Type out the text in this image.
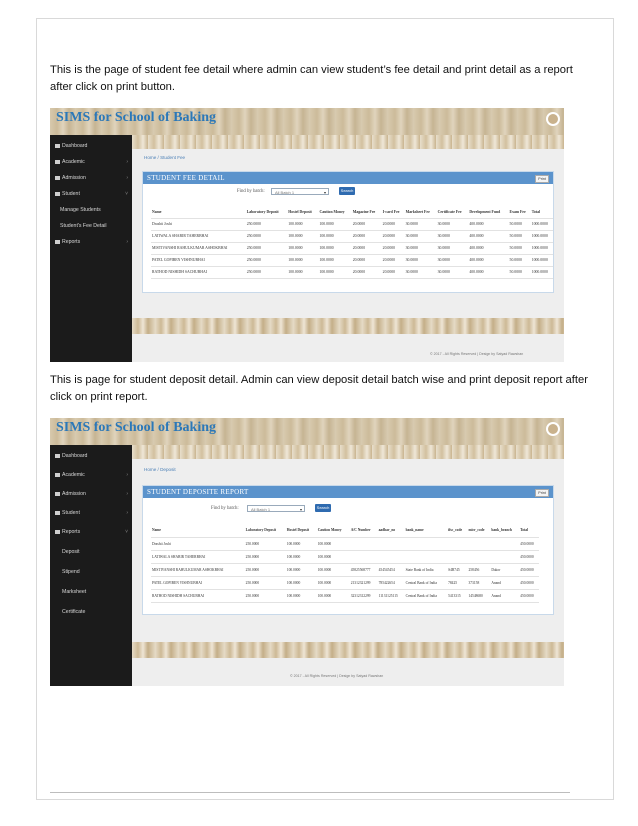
This is the page of student fee detail where admin can view student’s fee detail and print detail as a report after click on print button.
SIMS for School of Baking
Dashboard
Academic	›
Admission	›
Student	˅
Manage Students
Student's Fee Detail
Reports	›
Home / Student Fee
STUDENT FEE DETAIL	Print
Find by batch:	All Batch 1	▾	Search
Name	Laboratory Deposit	Hostel Deposit	Caution Money	Magazine Fee	I-card Fee	Marksheet Fee	Certificate Fee	Development Fund	Exam Fee	Total
Drashti Joshi	250.0000	100.0000	100.0000	20.0000	20.0000	30.0000	30.0000	400.0000	50.0000	1000.0000
LATIWALA SHABIR TAHERBHAI	250.0000	100.0000	100.0000	20.0000	20.0000	30.0000	30.0000	400.0000	50.0000	1000.0000
MISTIVANSHI RAHULKUMAR ASHOKBHAI	250.0000	100.0000	100.0000	20.0000	20.0000	30.0000	30.0000	400.0000	50.0000	1000.0000
PATEL GOPIBEN VISHNUBHAI	250.0000	100.0000	100.0000	20.0000	20.0000	30.0000	30.0000	400.0000	50.0000	1000.0000
RATHOD NISHIDH SACHUBHAI	250.0000	100.0000	100.0000	20.0000	20.0000	30.0000	30.0000	400.0000	50.0000	1000.0000
© 2017 - All Rights Reserved | Design by Satyad Rawshan
This is page for student deposit detail. Admin can view deposit detail batch wise and print deposit report after click on print report.
SIMS for School of Baking
Dashboard
Academic	›
Admission	›
Student	›
Reports	˅
Deposit
Stipend
Marksheet
Certificate
Home / Deposit
STUDENT DEPOSITE REPORT	Print
Find by batch:	All Batch 1	▾	Search
Name	Laboratory Deposit	Hostel Deposit	Caution Money	A/C Number	aadhar_no	bank_name	ifsc_code	micr_code	bank_branch	Total
Drashti Joshi	250.0000	100.0000	100.0000							450.0000
LATIWALA SHABIR TAHERBHAI	250.0000	100.0000	100.0000							450.0000
MISTIVANSHI RAHULKUMAR ASHOKBHAI	250.0000	100.0000	100.0000	45825568777	454545454	State Bank of India	S4B745	258456	Dakor	450.0000
PATEL GOPIBEN VISHNUBHAI	250.0000	100.0000	100.0000	21312321299	785422654	Central Bank of India	78425	373158	Anand	450.0000
RATHOD NISHIDH SACHUBHAI	250.0000	100.0000	100.0000	32312312299	11131125115	Central Bank of India	5413315	14548680	Anand	450.0000
© 2017 - All Rights Reserved | Design by Satyad Rawshan
